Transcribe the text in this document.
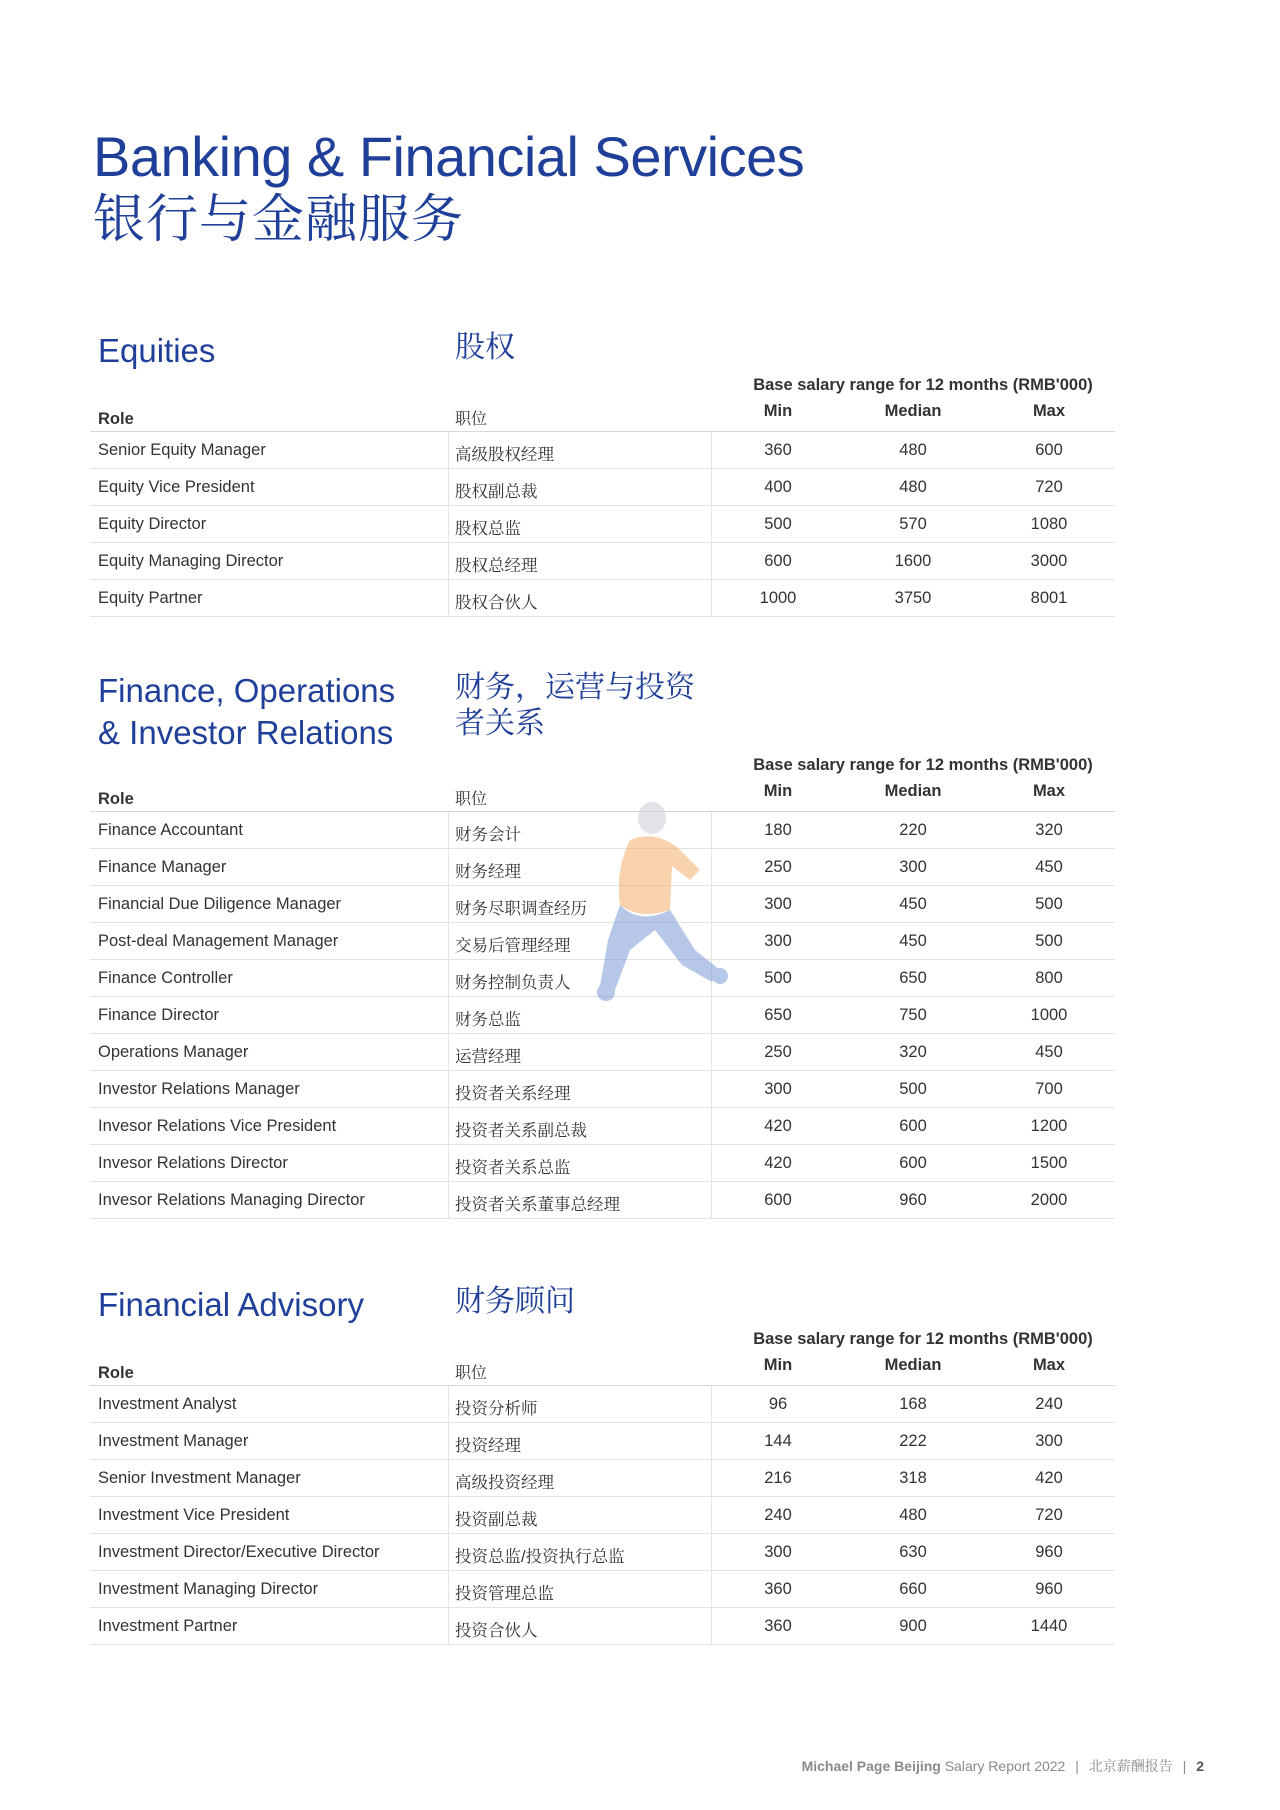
Banking & Financial Services
银行与金融服务
Equities	股权
Base salary range for 12 months (RMB'000)
Role	职位	Min	Median	Max
Senior Equity Manager	高级股权经理	360	480	600
Equity Vice President	股权副总裁	400	480	720
Equity Director	股权总监	500	570	1080
Equity Managing Director	股权总经理	600	1600	3000
Equity Partner	股权合伙人	1000	3750	8001
Finance, Operations
& Investor Relations
财务，运营与投资
者关系
Base salary range for 12 months (RMB'000)
Role	职位	Min	Median	Max
Finance Accountant	财务会计	180	220	320
Finance Manager	财务经理	250	300	450
Financial Due Diligence Manager	财务尽职调查经历	300	450	500
Post-deal Management Manager	交易后管理经理	300	450	500
Finance Controller	财务控制负责人	500	650	800
Finance Director	财务总监	650	750	1000
Operations Manager	运营经理	250	320	450
Investor Relations Manager	投资者关系经理	300	500	700
Invesor Relations Vice President	投资者关系副总裁	420	600	1200
Invesor Relations Director	投资者关系总监	420	600	1500
Invesor Relations Managing Director	投资者关系董事总经理	600	960	2000
Financial Advisory	财务顾问
Base salary range for 12 months (RMB'000)
Role	职位	Min	Median	Max
Investment Analyst	投资分析师	96	168	240
Investment Manager	投资经理	144	222	300
Senior Investment Manager	高级投资经理	216	318	420
Investment Vice President	投资副总裁	240	480	720
Investment Director/Executive Director	投资总监/投资执行总监	300	630	960
Investment Managing Director	投资管理总监	360	660	960
Investment Partner	投资合伙人	360	900	1440
Michael Page Beijing Salary Report 2022 | 北京薪酬报告 | 2
